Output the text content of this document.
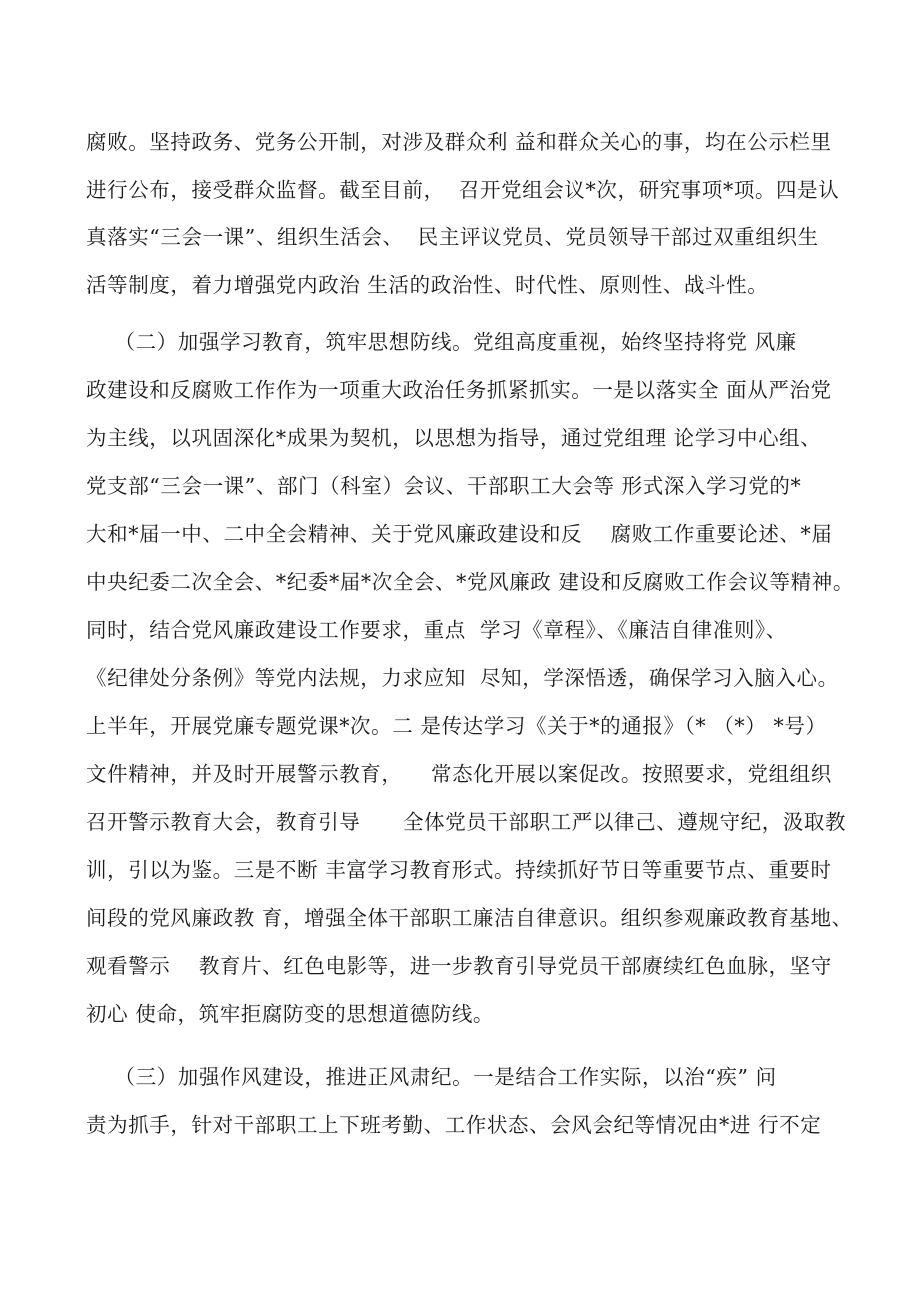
腐败。坚持政务、党务公开制，对涉及群众利 益和群众关心的事，均在公示栏里
进行公布，接受群众监督。截至目前，  召开党组会议*次，研究事项*项。四是认
真落实“三会一课”、组织生活会、  民主评议党员、党员领导干部过双重组织生
活等制度，着力增强党内政治 生活的政治性、时代性、原则性、战斗性。
（二）加强学习教育，筑牢思想防线。党组高度重视，始终坚持将党 风廉
政建设和反腐败工作作为一项重大政治任务抓紧抓实。一是以落实全 面从严治党
为主线，以巩固深化*成果为契机，以思想为指导，通过党组理 论学习中心组、
党支部“三会一课”、部门（科室）会议、干部职工大会等 形式深入学习党的*
大和*届一中、二中全会精神、关于党风廉政建设和反    腐败工作重要论述、*届
中央纪委二次全会、*纪委*届*次全会、*党风廉政 建设和反腐败工作会议等精神。
同时，结合党风廉政建设工作要求，重点  学习《章程》、《廉洁自律准则》、
《纪律处分条例》等党内法规，力求应知  尽知，学深悟透，确保学习入脑入心。
上半年，开展党廉专题党课*次。二 是传达学习《关于*的通报》（* （*） *号）
文件精神，并及时开展警示教育，    常态化开展以案促改。按照要求，党组组织
召开警示教育大会，教育引导      全体党员干部职工严以律己、遵规守纪，汲取教
训，引以为鉴。三是不断 丰富学习教育形式。持续抓好节日等重要节点、重要时
间段的党风廉政教 育，增强全体干部职工廉洁自律意识。组织参观廉政教育基地、
观看警示    教育片、红色电影等，进一步教育引导党员干部赓续红色血脉，坚守
初心 使命，筑牢拒腐防变的思想道德防线。
（三）加强作风建设，推进正风肃纪。一是结合工作实际，以治“疾” 问
责为抓手，针对干部职工上下班考勤、工作状态、会风会纪等情况由*进 行不定
